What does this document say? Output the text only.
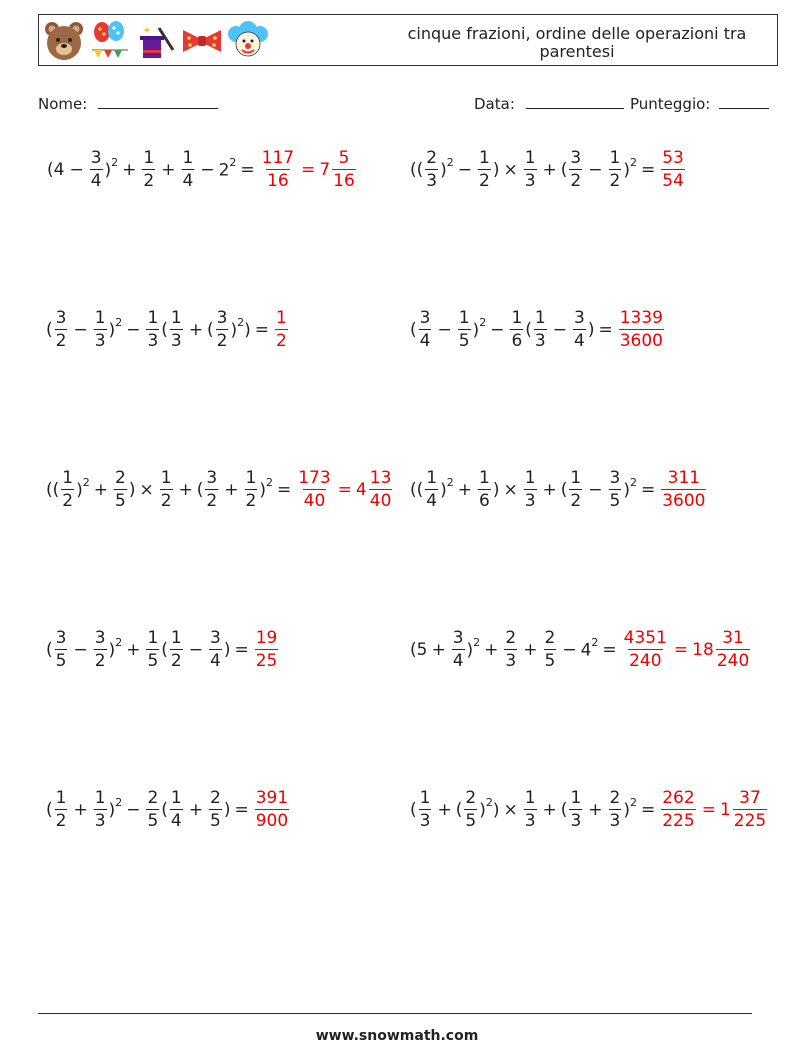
cinque frazioni, ordine delle operazioni tra parentesi
Nome:	Data:	Punteggio:
$(4 - \frac{3}{4} )^2 + \frac{1}{2} + \frac{1}{4} - 2^2 = \frac{117}{16} = 7 \frac{5}{16}$	(( $\frac{2}{3} )^2 - \frac{1}{2}$ ) × $\frac{1}{3}$ + ( $\frac{3}{2} - \frac{1}{2} )^2 = \frac{53}{54}$
( $\frac{3}{2} - \frac{1}{3} )^2 - \frac{1}{3}$ ( $\frac{1}{3}$ + ( $\frac{3}{2} )^2) = \frac{1}{2}$	( $\frac{3}{4} - \frac{1}{5} )^2 - \frac{1}{6}$ ( $\frac{1}{3} - \frac{3}{4}$ ) = $\frac{1339}{3600}$
(( $\frac{1}{2} )^2 + \frac{2}{5}$ ) × $\frac{1}{2}$ + ( $\frac{3}{2} + \frac{1}{2} )^2 = \frac{173}{40} = 4 \frac{13}{40}$ (( $\frac{1}{4} )^2 + \frac{1}{6}$ ) × $\frac{1}{3}$ + ( $\frac{1}{2} - \frac{3}{5} )^2 = \frac{311}{3600}$
( $\frac{3}{5} - \frac{3}{2} )^2 + \frac{1}{5}$ ( $\frac{1}{2} - \frac{3}{4}$ ) = $\frac{19}{25}$	$(5 + \frac{3}{4} )^2 + \frac{2}{3} + \frac{2}{5} - 4^2 = \frac{4351}{240} = 18 \frac{31}{240}$
( $\frac{1}{2} + \frac{1}{3} )^2 - \frac{2}{5}$ ( $\frac{1}{4} + \frac{2}{5}$ ) = $\frac{391}{900}$	( $\frac{1}{3}$ + ( $\frac{2}{5} )^2) \times \frac{1}{3}$ + ( $\frac{1}{3} + \frac{2}{3} )^2 = \frac{262}{225} = 1 \frac{37}{225}$
www.snowmath.com
